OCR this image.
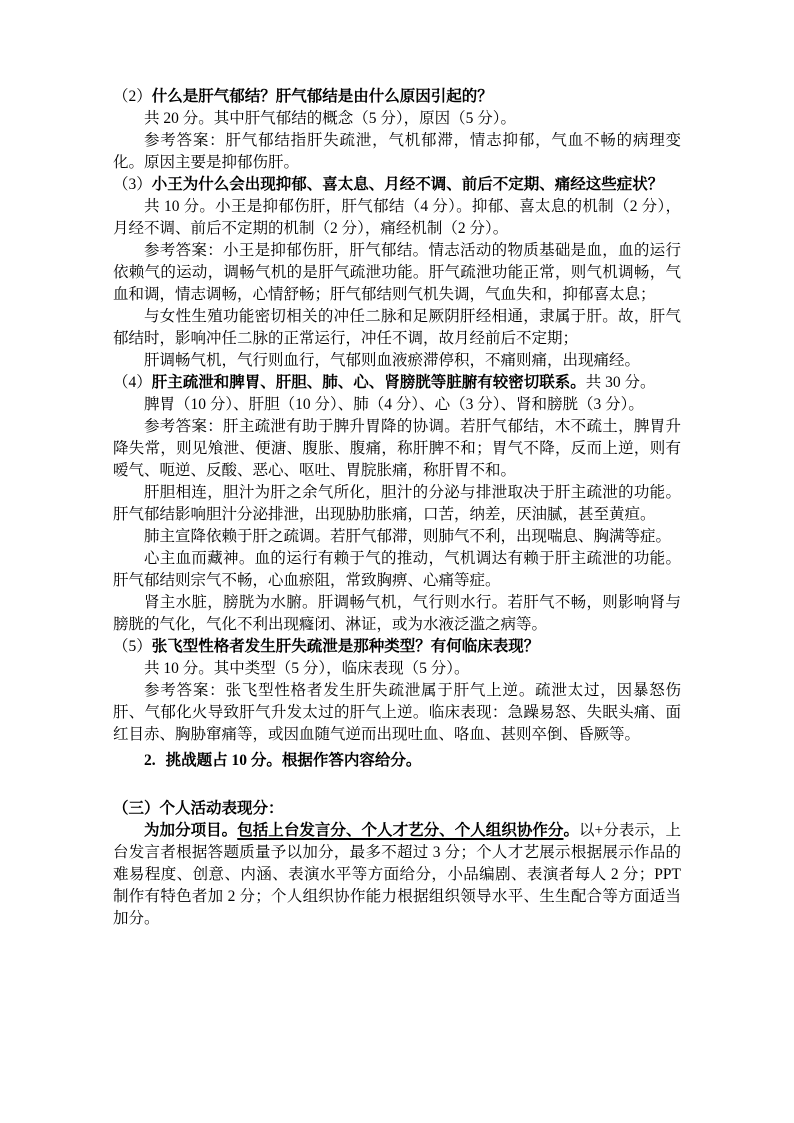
（2）什么是肝气郁结？肝气郁结是由什么原因引起的？

共 20 分。其中肝气郁结的概念（5 分），原因（5 分）。

参考答案：肝气郁结指肝失疏泄，气机郁滞，情志抑郁，气血不畅的病理变化。原因主要是抑郁伤肝。

（3）小王为什么会出现抑郁、喜太息、月经不调、前后不定期、痛经这些症状？

共 10 分。小王是抑郁伤肝，肝气郁结（4 分）。抑郁、喜太息的机制（2 分），月经不调、前后不定期的机制（2 分），痛经机制（2 分）。

参考答案：小王是抑郁伤肝，肝气郁结。情志活动的物质基础是血，血的运行依赖气的运动，调畅气机的是肝气疏泄功能。肝气疏泄功能正常，则气机调畅，气血和调，情志调畅，心情舒畅；肝气郁结则气机失调，气血失和，抑郁喜太息；

与女性生殖功能密切相关的冲任二脉和足厥阴肝经相通，隶属于肝。故，肝气郁结时，影响冲任二脉的正常运行，冲任不调，故月经前后不定期；

肝调畅气机，气行则血行，气郁则血液瘀滞停积，不痛则痛，出现痛经。

（4）肝主疏泄和脾胃、肝胆、肺、心、肾膀胱等脏腑有较密切联系。共 30 分。

脾胃（10 分）、肝胆（10 分）、肺（4 分）、心（3 分）、肾和膀胱（3 分）。

参考答案：肝主疏泄有助于脾升胃降的协调。若肝气郁结，木不疏土，脾胃升降失常，则见飧泄、便溏、腹胀、腹痛，称肝脾不和；胃气不降，反而上逆，则有嗳气、呃逆、反酸、恶心、呕吐、胃脘胀痛，称肝胃不和。

肝胆相连，胆汁为肝之余气所化，胆汁的分泌与排泄取决于肝主疏泄的功能。肝气郁结影响胆汁分泌排泄，出现胁肋胀痛，口苦，纳差，厌油腻，甚至黄疸。

肺主宣降依赖于肝之疏调。若肝气郁滞，则肺气不利，出现喘息、胸满等症。

心主血而藏神。血的运行有赖于气的推动，气机调达有赖于肝主疏泄的功能。肝气郁结则宗气不畅，心血瘀阻，常致胸痹、心痛等症。

肾主水脏，膀胱为水腑。肝调畅气机，气行则水行。若肝气不畅，则影响肾与膀胱的气化，气化不利出现癃闭、淋证，或为水液泛滥之病等。

（5）张飞型性格者发生肝失疏泄是那种类型？有何临床表现？

共 10 分。其中类型（5 分），临床表现（5 分）。

参考答案：张飞型性格者发生肝失疏泄属于肝气上逆。疏泄太过，因暴怒伤肝、气郁化火导致肝气升发太过的肝气上逆。临床表现：急躁易怒、失眠头痛、面红目赤、胸胁窜痛等，或因血随气逆而出现吐血、咯血、甚则卒倒、昏厥等。

2. 挑战题占 10 分。根据作答内容给分。

（三）个人活动表现分：

为加分项目。包括上台发言分、个人才艺分、个人组织协作分。以+分表示，上台发言者根据答题质量予以加分，最多不超过 3 分；个人才艺展示根据展示作品的难易程度、创意、内涵、表演水平等方面给分，小品编剧、表演者每人 2 分；PPT 制作有特色者加 2 分；个人组织协作能力根据组织领导水平、生生配合等方面适当加分。
